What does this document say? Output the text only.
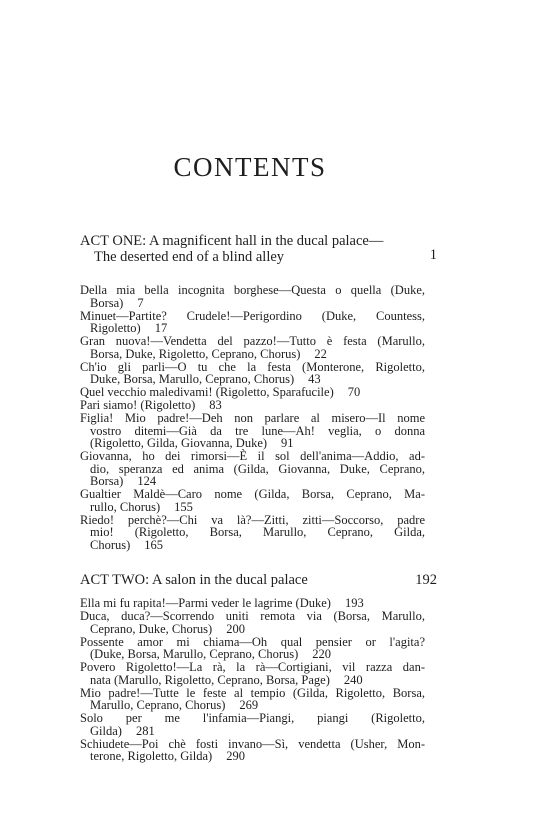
CONTENTS
ACT ONE: A magnificent hall in the ducal palace—
The deserted end of a blind alley	1
Della mia bella incognita borghese—Questa o quella (Duke,
Borsa) 7
Minuet—Partite? Crudele!—Perigordino (Duke, Countess,
Rigoletto) 17
Gran nuova!—Vendetta del pazzo!—Tutto è festa (Marullo,
Borsa, Duke, Rigoletto, Ceprano, Chorus) 22
Ch'io gli parli—O tu che la festa (Monterone, Rigoletto,
Duke, Borsa, Marullo, Ceprano, Chorus) 43
Quel vecchio maledivami! (Rigoletto, Sparafucile) 70
Pari siamo! (Rigoletto) 83
Figlia! Mio padre!—Deh non parlare al misero—Il nome
vostro ditemi—Già da tre lune—Ah! veglia, o donna
(Rigoletto, Gilda, Giovanna, Duke) 91
Giovanna, ho dei rimorsi—È il sol dell'anima—Addio, ad-
dio, speranza ed anima (Gilda, Giovanna, Duke, Ceprano,
Borsa) 124
Gualtier Maldè—Caro nome (Gilda, Borsa, Ceprano, Ma-
rullo, Chorus) 155
Riedo! perchè?—Chi va là?—Zitti, zitti—Soccorso, padre
mio! (Rigoletto, Borsa, Marullo, Ceprano, Gilda,
Chorus) 165
ACT TWO: A salon in the ducal palace	192
Ella mi fu rapita!—Parmi veder le lagrime (Duke) 193
Duca, duca?—Scorrendo uniti remota via (Borsa, Marullo,
Ceprano, Duke, Chorus) 200
Possente amor mi chiama—Oh qual pensier or l'agita?
(Duke, Borsa, Marullo, Ceprano, Chorus) 220
Povero Rigoletto!—La rà, la rà—Cortigiani, vil razza dan-
nata (Marullo, Rigoletto, Ceprano, Borsa, Page) 240
Mio padre!—Tutte le feste al tempio (Gilda, Rigoletto, Borsa,
Marullo, Ceprano, Chorus) 269
Solo per me l'infamia—Piangi, piangi (Rigoletto,
Gilda) 281
Schiudete—Poi chè fosti invano—Sì, vendetta (Usher, Mon-
terone, Rigoletto, Gilda) 290
